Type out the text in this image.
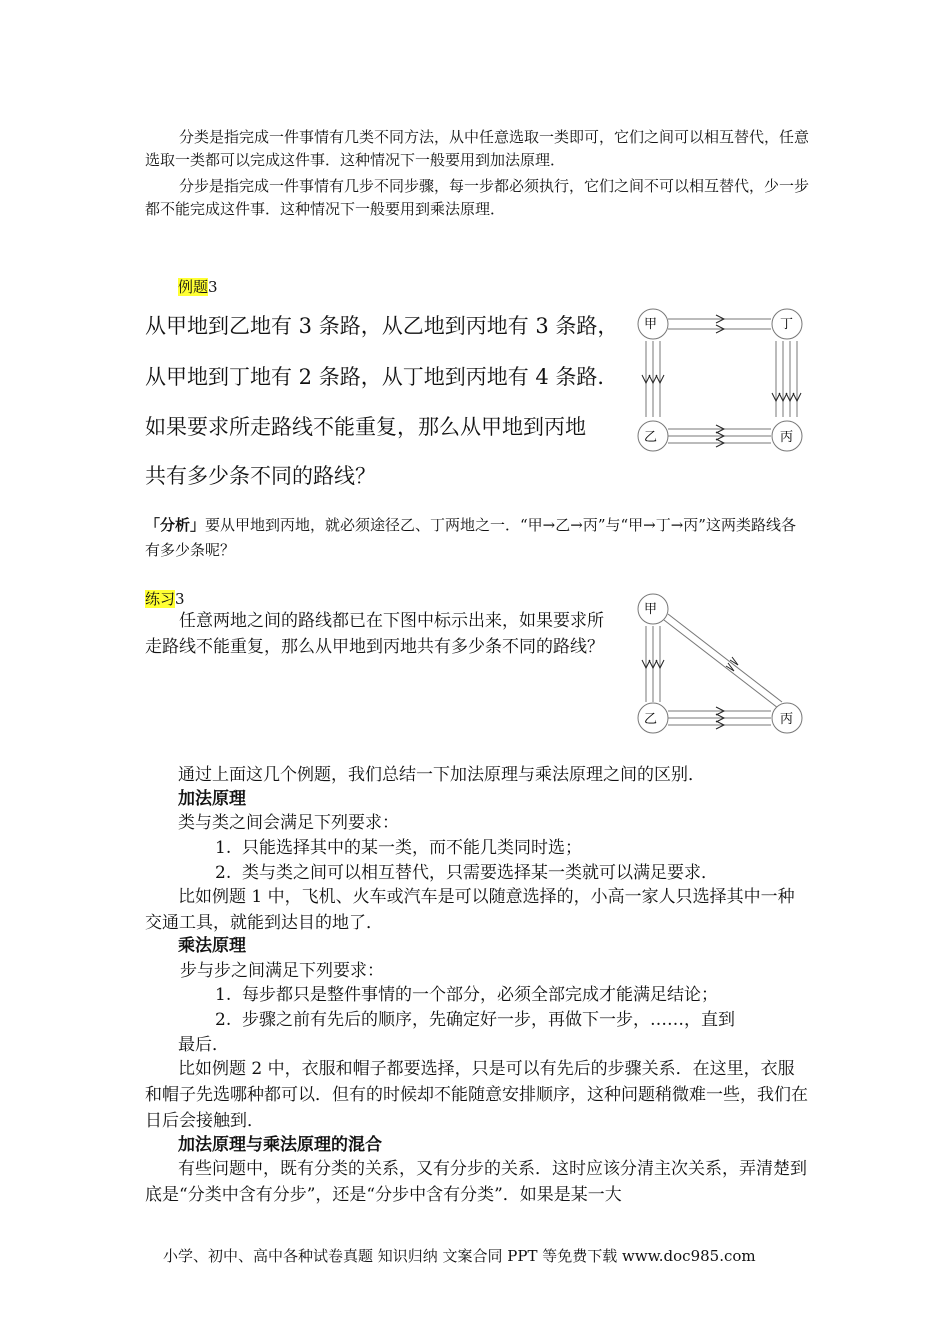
分类是指完成一件事情有几类不同方法，从中任意选取一类即可，它们之间可以相互替代，任意选取一类都可以完成这件事．这种情况下一般要用到加法原理．
分步是指完成一件事情有几步不同步骤，每一步都必须执行，它们之间不可以相互替代，少一步都不能完成这件事．这种情况下一般要用到乘法原理．
例题3
从甲地到乙地有 3 条路，从乙地到丙地有 3 条路，
从甲地到丁地有 2 条路，从丁地到丙地有 4 条路．
如果要求所走路线不能重复，那么从甲地到丙地
共有多少条不同的路线？
甲	丁
乙	丙
「分析」要从甲地到丙地，就必须途径乙、丁两地之一．“甲→乙→丙”与“甲→丁→丙”这两类路线各有多少条呢？
练习3
任意两地之间的路线都已在下图中标示出来，如果要求所走路线不能重复，那么从甲地到丙地共有多少条不同的路线？
甲
乙	丙
通过上面这几个例题，我们总结一下加法原理与乘法原理之间的区别．
加法原理
类与类之间会满足下列要求：
1. 只能选择其中的某一类，而不能几类同时选；
2. 类与类之间可以相互替代，只需要选择某一类就可以满足要求．
比如例题 1 中，飞机、火车或汽车是可以随意选择的，小高一家人只选择其中一种交通工具，就能到达目的地了．
乘法原理
步与步之间满足下列要求：
1. 每步都只是整件事情的一个部分，必须全部完成才能满足结论；
2. 步骤之前有先后的顺序，先确定好一步，再做下一步，……，直到
最后．
比如例题 2 中，衣服和帽子都要选择，只是可以有先后的步骤关系．在这里，衣服和帽子先选哪种都可以．但有的时候却不能随意安排顺序，这种问题稍微难一些，我们在日后会接触到．
加法原理与乘法原理的混合
有些问题中，既有分类的关系，又有分步的关系．这时应该分清主次关系，弄清楚到底是“分类中含有分步”，还是“分步中含有分类”．如果是某一大
小学、初中、高中各种试卷真题 知识归纳 文案合同 PPT 等免费下载 www.doc985.com
